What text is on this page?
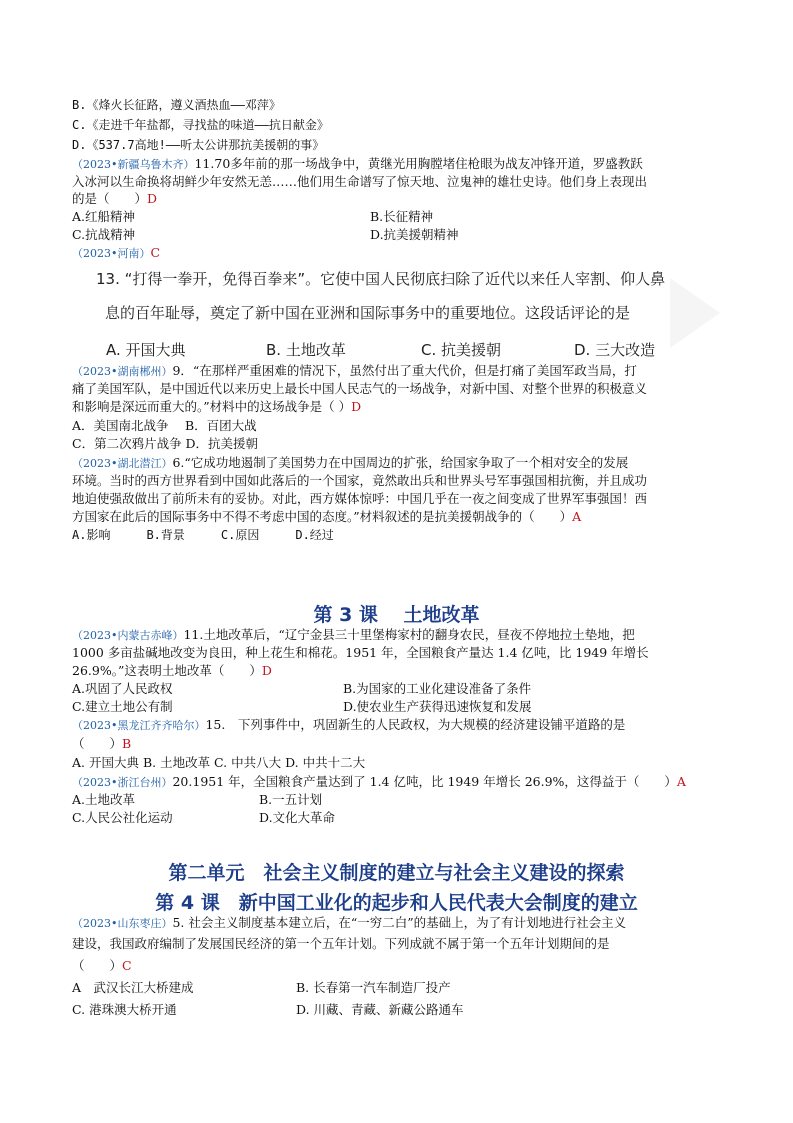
B.《烽火长征路，遵义酒热血——邓萍》
C.《走进千年盐都，寻找盐的味道——抗日献金》
D.《537.7高地!——听太公讲那抗美援朝的事》
（2023•新疆乌鲁木齐）11.70多年前的那一场战争中，黄继光用胸膛堵住枪眼为战友冲锋开道，罗盛教跃
入冰河以生命换将胡鲜少年安然无恙……他们用生命谱写了惊天地、泣鬼神的雄壮史诗。他们身上表现出
的是（　　）D
A.红船精神	B.长征精神
C.抗战精神	D.抗美援朝精神
（2023•河南）C
13. “打得一拳开，免得百拳来”。它使中国人民彻底扫除了近代以来任人宰割、仰人鼻
息的百年耻辱，奠定了新中国在亚洲和国际事务中的重要地位。这段话评论的是
A. 开国大典	B. 土地改革	C. 抗美援朝	D. 三大改造
（2023•湖南郴州）9．“在那样严重困难的情况下，虽然付出了重大代价，但是打痛了美国军政当局，打
痛了美国军队，是中国近代以来历史上最长中国人民志气的一场战争，对新中国、对整个世界的积极意义
和影响是深远而重大的。”材料中的这场战争是（ ）D
A．美国南北战争　 B．百团大战
C．第二次鸦片战争 D．抗美援朝
（2023•湖北潜江）6.“它成功地遏制了美国势力在中国周边的扩张，给国家争取了一个相对安全的发展
环境。当时的西方世界看到中国如此落后的一个国家，竟然敢出兵和世界头号军事强国相抗衡，并且成功
地迫使强敌做出了前所未有的妥协。对此，西方媒体惊呼：中国几乎在一夜之间变成了世界军事强国！西
方国家在此后的国际事务中不得不考虑中国的态度。”材料叙述的是抗美援朝战争的（　　）A
A.影响　　　B.背景　　　C.原因　　　D.经过
第 3 课　 土地改革
（2023•内蒙古赤峰）11.土地改革后，“辽宁金县三十里堡梅家村的翻身农民，昼夜不停地拉土垫地，把
1000 多亩盐碱地改变为良田，种上花生和棉花。1951 年，全国粮食产量达 1.4 亿吨，比 1949 年增长
26.9%。”这表明土地改革（　　）D
A.巩固了人民政权	B.为国家的工业化建设准备了条件
C.建立土地公有制	D.使农业生产获得迅速恢复和发展
（2023•黑龙江齐齐哈尔）15.　下列事件中，巩固新生的人民政权，为大规模的经济建设铺平道路的是
（　　）B
A. 开国大典 B. 土地改革 C. 中共八大 D. 中共十二大
（2023•浙江台州）20.1951 年，全国粮食产量达到了 1.4 亿吨，比 1949 年增长 26.9%，这得益于（　　）A
A.土地改革	B.一五计划
C.人民公社化运动	D.文化大革命
第二单元　社会主义制度的建立与社会主义建设的探索
第 4 课　新中国工业化的起步和人民代表大会制度的建立
（2023•山东枣庄）5. 社会主义制度基本建立后，在“一穷二白”的基础上，为了有计划地进行社会主义
建设，我国政府编制了发展国民经济的第一个五年计划。下列成就不属于第一个五年计划期间的是
（　　）C
A　武汉长江大桥建成	B. 长春第一汽车制造厂投产
C. 港珠澳大桥开通	D. 川藏、青藏、新藏公路通车
